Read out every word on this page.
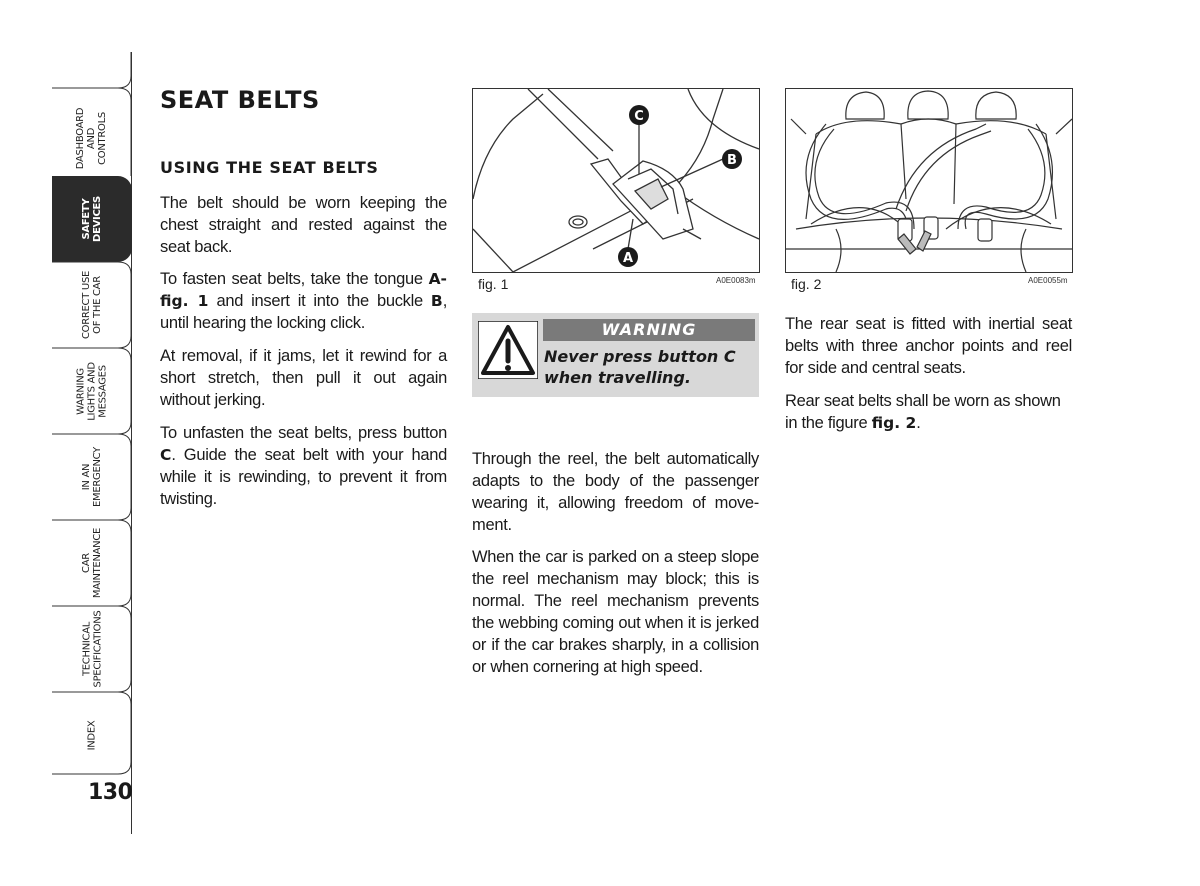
DASHBOARD
AND
CONTROLS
SAFETY
DEVICES
CORRECT USE
OF THE CAR
WARNING
LIGHTS AND
MESSAGES
IN AN
EMERGENCY
CAR
MAINTENANCE
TECHNICAL
SPECIFICATIONS
INDEX
130
SEAT BELTS
USING THE SEAT BELTS

The belt should be worn keeping the chest straight and rested against the seat back.

To fasten seat belts, take the tongue A-fig. 1 and insert it into the buckle B, until hearing the locking click.

At removal, if it jams, let it rewind for a short stretch, then pull it out again without jerking.

To unfasten the seat belts, press button C. Guide the seat belt with your hand while it is rewinding, to prevent it from twisting.

C
B
A
fig. 1	A0E0083m
WARNING
Never press button C when travelling.

Through the reel, the belt automatically adapts to the body of the passenger wearing it, allowing freedom of move-ment.

When the car is parked on a steep slope the reel mechanism may block; this is normal. The reel mechanism prevents the webbing coming out when it is jerked or if the car brakes sharply, in a collision or when cornering at high speed.

fig. 2	A0E0055m

The rear seat is fitted with inertial seat belts with three anchor points and reel for side and central seats.

Rear seat belts shall be worn as shown in the figure fig. 2.
